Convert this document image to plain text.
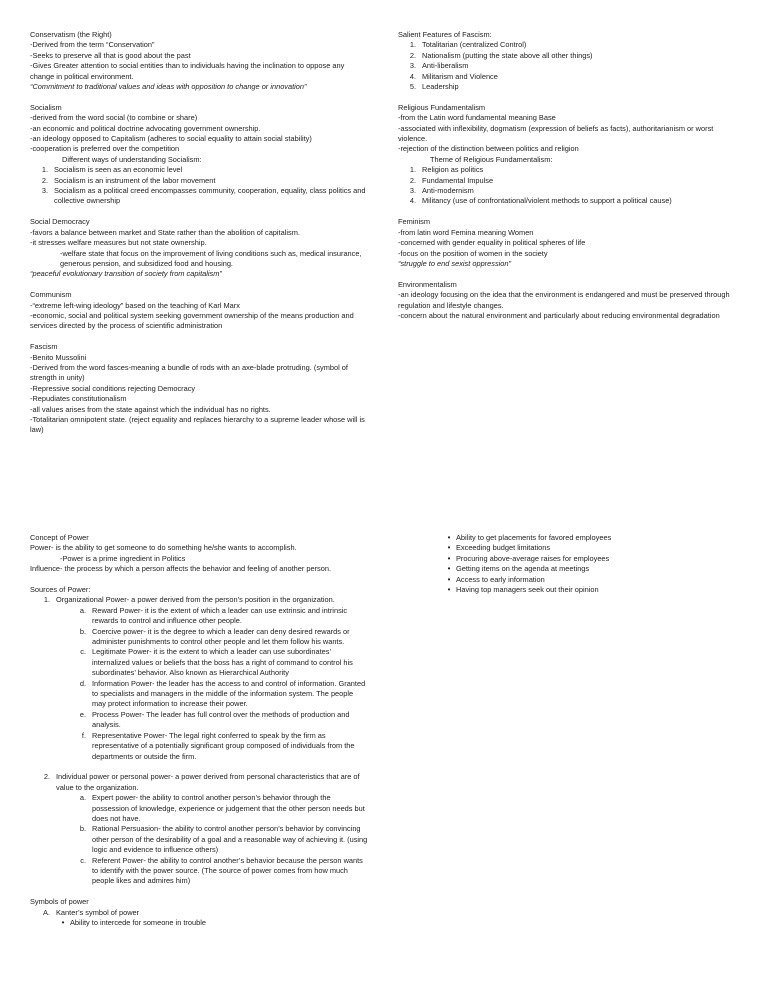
Conservatism (the Right)

-Derived from the term “Conservation”

-Seeks to preserve all that is good about the past

-Gives Greater attention to social entities than to individuals having the inclination to oppose any change in political environment.

“Commitment to traditional values and ideas with opposition to change or innovation”

Socialism

-derived from the word social (to combine or share)

-an economic and political doctrine advocating government ownership.

-an ideology opposed to Capitalism (adheres to social equality to attain social stability)

-cooperation is preferred over the competition

Different ways of understanding Socialism:

1. Socialism is seen as an economic level
2. Socialism is an instrument of the labor movement
3. Socialism as a political creed encompasses community, cooperation, equality, class politics and collective ownership

Social Democracy

-favors a balance between market and State rather than the abolition of capitalism.

-it stresses welfare measures but not state ownership.

-welfare state that focus on the improvement of living conditions such as, medical insurance, generous pension, and subsidized food and housing.

“peaceful evolutionary transition of society from capitalism”

Communism

-“extreme left-wing ideology” based on the teaching of Karl Marx

-economic, social and political system seeking government ownership of the means production and services directed by the process of scientific administration

Fascism

-Benito Mussolini

-Derived from the word fasces-meaning a bundle of rods with an axe-blade protruding. (symbol of strength in unity)

-Repressive social conditions rejecting Democracy

-Repudiates constitutionalism

-all values arises from the state against which the individual has no rights.

-Totalitarian omnipotent state. (reject equality and replaces hierarchy to a supreme leader whose will is law)

Salient Features of Fascism:

1. Totalitarian (centralized Control)
2. Nationalism (putting the state above all other things)
3. Anti-liberalism
4. Militarism and Violence
5. Leadership

Religious Fundamentalism

-from the Latin word fundamental meaning Base

-associated with inflexibility, dogmatism (expression of beliefs as facts), authoritarianism or worst violence.

-rejection of the distinction between politics and religion

Theme of Religious Fundamentalism:

1. Religion as politics
2. Fundamental Impulse
3. Anti-modernism
4. Militancy (use of confrontational/violent methods to support a political cause)

Feminism

-from latin word Femina meaning Women

-concerned with gender equality in political spheres of life

-focus on the position of women in the society

“struggle to end sexist oppression”

Environmentalism

-an ideology focusing on the idea that the environment is endangered and must be preserved through regulation and lifestyle changes.

-concern about the natural environment and particularly about reducing environmental degradation

Concept of Power

Power- is the ability to get someone to do something he/she wants to accomplish.

-Power is a prime ingredient in Politics

Influence- the process by which a person affects the behavior and feeling of another person.

Sources of Power:

1. Organizational Power- a power derived from the person’s position in the organization.
a. Reward Power- it is the extent of which a leader can use extrinsic and intrinsic rewards to control and influence other people.
b. Coercive power- it is the degree to which a leader can deny desired rewards or administer punishments to control other people and let them follow his wants.
c. Legitimate Power- it is the extent to which a leader can use subordinates’ internalized values or beliefs that the boss has a right of command to control his subordinates’ behavior. Also known as Hierarchical Authority
d. Information Power- the leader has the access to and control of information. Granted to specialists and managers in the middle of the information system. The people may protect information to increase their power.
e. Process Power- The leader has full control over the methods of production and analysis.
f. Representative Power- The legal right conferred to speak by the firm as representative of a potentially significant group composed of individuals from the departments or outside the firm.
2. Individual power or personal power- a power derived from personal characteristics that are of value to the organization.
a. Expert power- the ability to control another person’s behavior through the possession of knowledge, experience or judgement that the other person needs but does not have.
b. Rational Persuasion- the ability to control another person’s behavior by convincing other person of the desirability of a goal and a reasonable way of achieving it. (using logic and evidence to influence others)
c. Referent Power- the ability to control another’s behavior because the person wants to identify with the power source. (The source of power comes from how much people likes and admires him)

Symbols of power

A. Kanter’s symbol of power
• Ability to intercede for someone in trouble
• Ability to get placements for favored employees
• Exceeding budget limitations
• Procuring above-average raises for employees
• Getting items on the agenda at meetings
• Access to early information
• Having top managers seek out their opinion
